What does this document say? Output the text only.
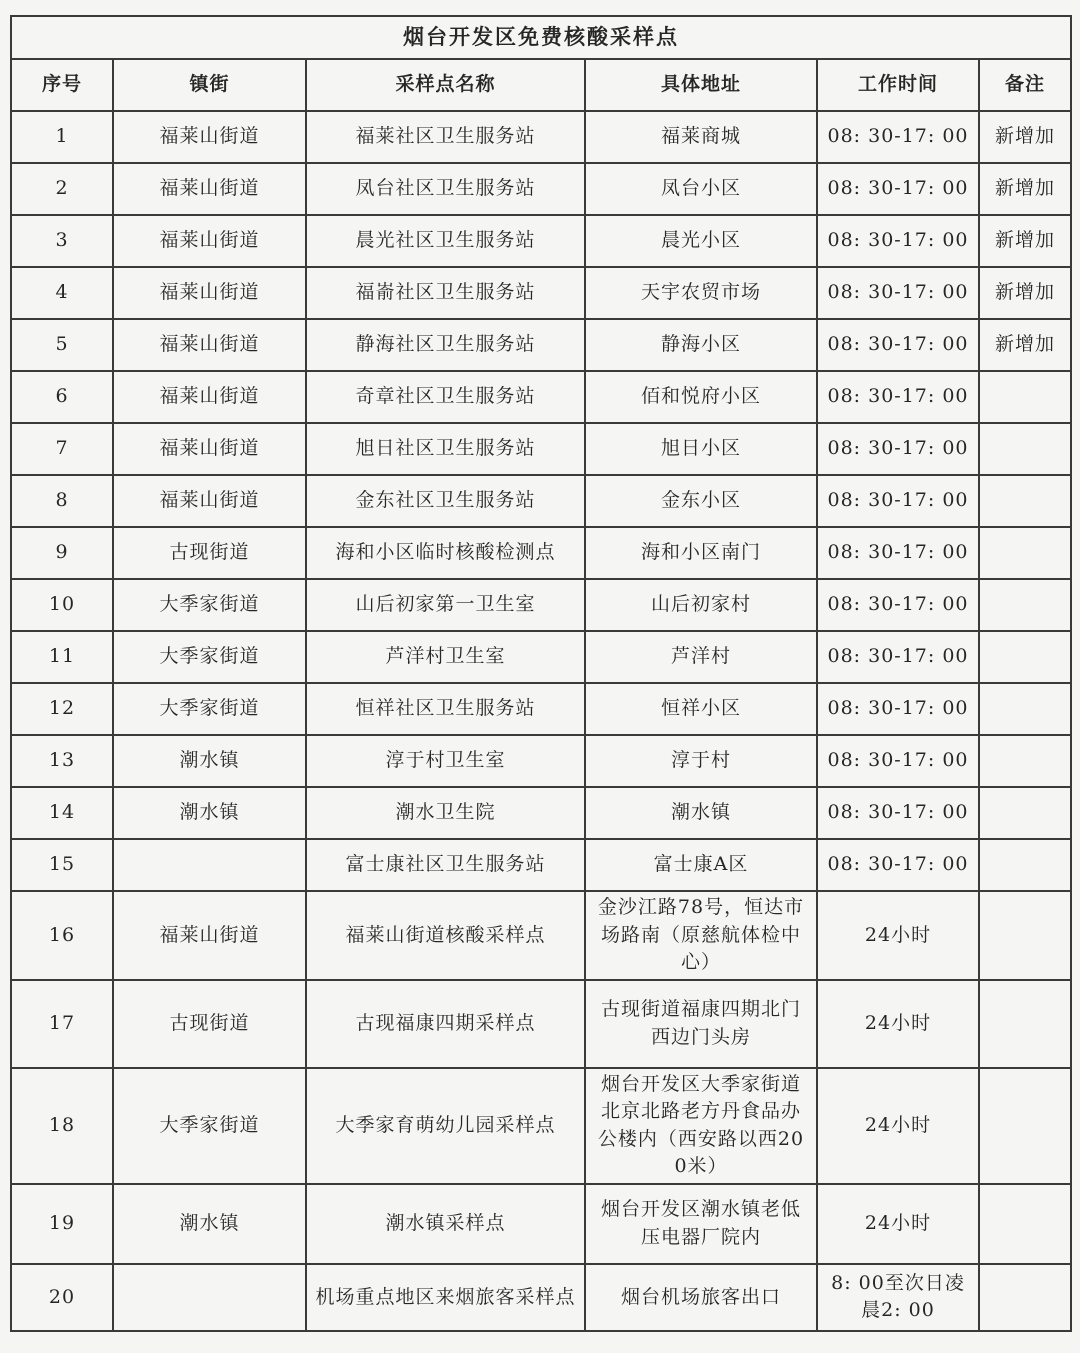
烟台开发区免费核酸采样点					
序号	镇街	采样点名称	具体地址	工作时间	备注
1	福莱山街道	福莱社区卫生服务站	福莱商城	08: 30-17: 00	新增加
2	福莱山街道	凤台社区卫生服务站	凤台小区	08: 30-17: 00	新增加
3	福莱山街道	晨光社区卫生服务站	晨光小区	08: 30-17: 00	新增加
4	福莱山街道	福嵛社区卫生服务站	天宇农贸市场	08: 30-17: 00	新增加
5	福莱山街道	静海社区卫生服务站	静海小区	08: 30-17: 00	新增加
6	福莱山街道	奇章社区卫生服务站	佰和悦府小区	08: 30-17: 00	
7	福莱山街道	旭日社区卫生服务站	旭日小区	08: 30-17: 00	
8	福莱山街道	金东社区卫生服务站	金东小区	08: 30-17: 00	
9	古现街道	海和小区临时核酸检测点	海和小区南门	08: 30-17: 00	
10	大季家街道	山后初家第一卫生室	山后初家村	08: 30-17: 00	
11	大季家街道	芦洋村卫生室	芦洋村	08: 30-17: 00	
12	大季家街道	恒祥社区卫生服务站	恒祥小区	08: 30-17: 00	
13	潮水镇	淳于村卫生室	淳于村	08: 30-17: 00	
14	潮水镇	潮水卫生院	潮水镇	08: 30-17: 00	
15		富士康社区卫生服务站	富士康A区	08: 30-17: 00	
16	福莱山街道	福莱山街道核酸采样点	金沙江路78号，恒达市场路南（原慈航体检中心）	24小时	
17	古现街道	古现福康四期采样点	古现街道福康四期北门西边门头房	24小时	
18	大季家街道	大季家育萌幼儿园采样点	烟台开发区大季家街道北京北路老方丹食品办公楼内（西安路以西200米）	24小时	
19	潮水镇	潮水镇采样点	烟台开发区潮水镇老低压电器厂院内	24小时	
20		机场重点地区来烟旅客采样点	烟台机场旅客出口	8: 00至次日凌晨2: 00	
